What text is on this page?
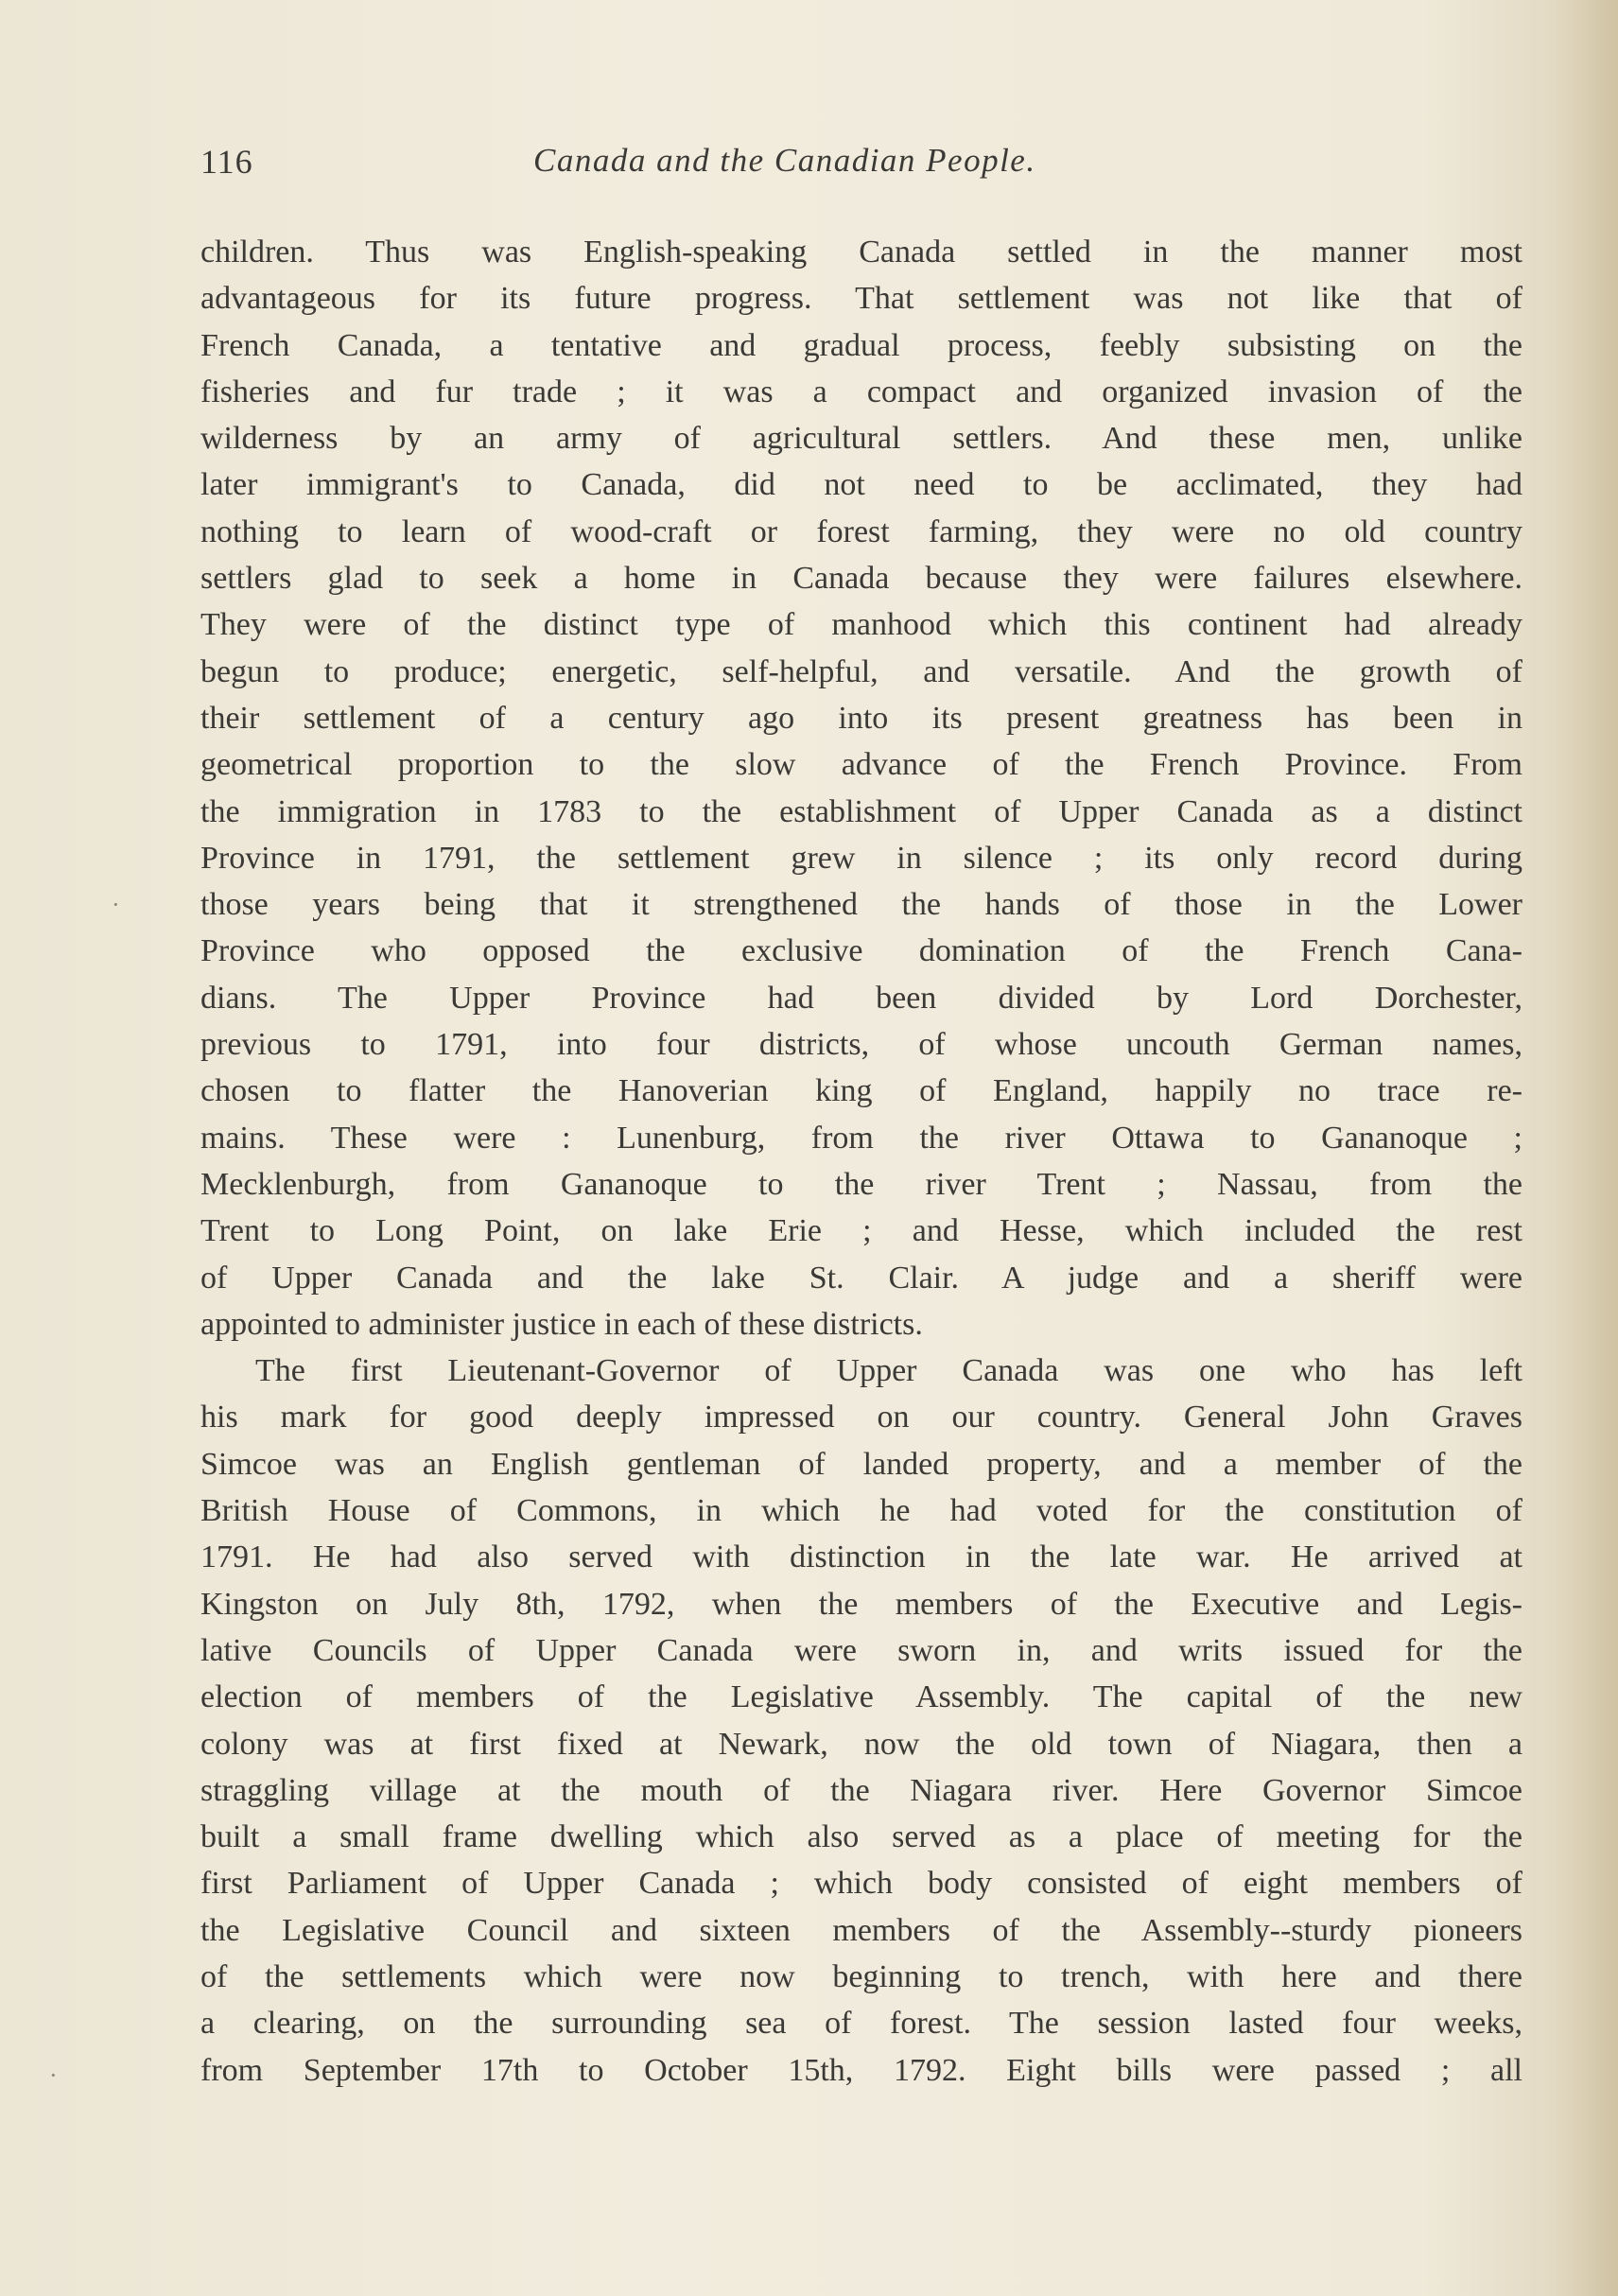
116	Canada and the Canadian People.
children. Thus was English-speaking Canada settled in the manner most
advantageous for its future progress. That settlement was not like that of
French Canada, a tentative and gradual process, feebly subsisting on the
fisheries and fur trade ; it was a compact and organized invasion of the
wilderness by an army of agricultural settlers. And these men, unlike
later immigrant's to Canada, did not need to be acclimated, they had
nothing to learn of wood-craft or forest farming, they were no old country
settlers glad to seek a home in Canada because they were failures elsewhere.
They were of the distinct type of manhood which this continent had already
begun to produce; energetic, self-helpful, and versatile. And the growth of
their settlement of a century ago into its present greatness has been in
geometrical proportion to the slow advance of the French Province. From
the immigration in 1783 to the establishment of Upper Canada as a distinct
Province in 1791, the settlement grew in silence ; its only record during
those years being that it strengthened the hands of those in the Lower
Province who opposed the exclusive domination of the French Cana-
dians. The Upper Province had been divided by Lord Dorchester,
previous to 1791, into four districts, of whose uncouth German names,
chosen to flatter the Hanoverian king of England, happily no trace re-
mains. These were : Lunenburg, from the river Ottawa to Gananoque ;
Mecklenburgh, from Gananoque to the river Trent ; Nassau, from the
Trent to Long Point, on lake Erie ; and Hesse, which included the rest
of Upper Canada and the lake St. Clair. A judge and a sheriff were
appointed to administer justice in each of these districts.
The first Lieutenant-Governor of Upper Canada was one who has left
his mark for good deeply impressed on our country. General John Graves
Simcoe was an English gentleman of landed property, and a member of the
British House of Commons, in which he had voted for the constitution of
1791. He had also served with distinction in the late war. He arrived at
Kingston on July 8th, 1792, when the members of the Executive and Legis-
lative Councils of Upper Canada were sworn in, and writs issued for the
election of members of the Legislative Assembly. The capital of the new
colony was at first fixed at Newark, now the old town of Niagara, then a
straggling village at the mouth of the Niagara river. Here Governor Simcoe
built a small frame dwelling which also served as a place of meeting for the
first Parliament of Upper Canada ; which body consisted of eight members of
the Legislative Council and sixteen members of the Assembly--sturdy pioneers
of the settlements which were now beginning to trench, with here and there
a clearing, on the surrounding sea of forest. The session lasted four weeks,
from September 17th to October 15th, 1792. Eight bills were passed ; all
·
·
